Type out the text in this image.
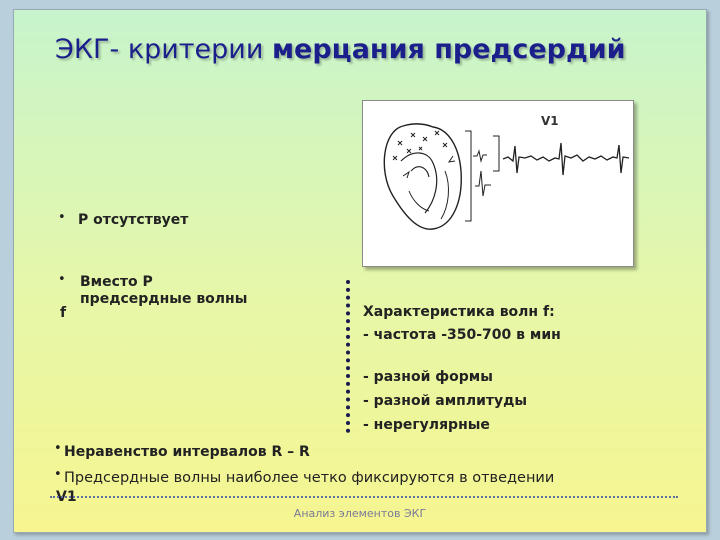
ЭКГ- критерии мерцания предсердий
V1
• P отсутствует
• Вместо Р
предсердные волны
f	Характеристика волн f:
- частота -350-700 в мин
- разной формы
- разной амплитуды
- нерегулярные
• Неравенство интервалов R – R
• Предсердные волны наиболее четко фиксируются в отведении
V1
Анализ элементов ЭКГ
